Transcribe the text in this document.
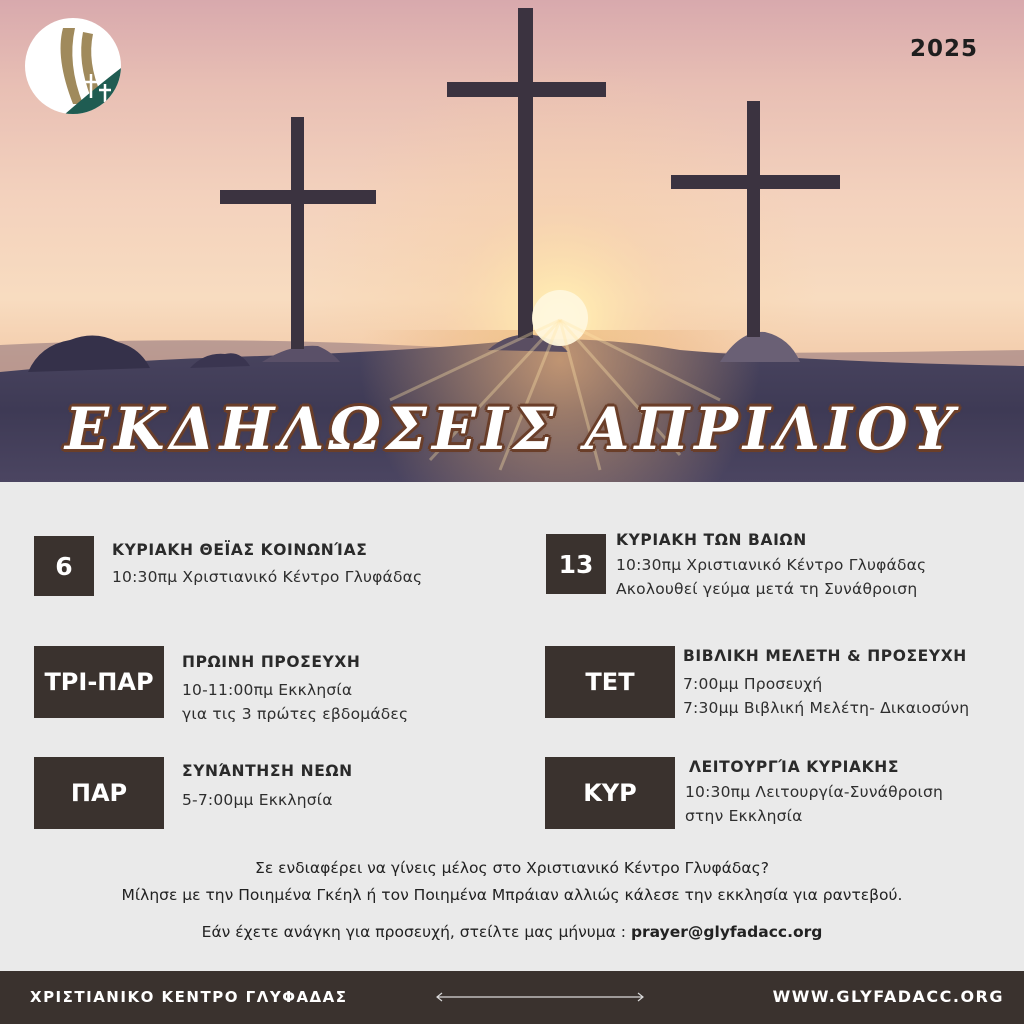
2025
ΕΚΔΗΛΩΣΕΙΣ ΑΠΡΙΛΙΟΥ
6
ΚΥΡΙΑΚΗ ΘΕΪΑΣ ΚΟΙΝΩΝΊΑΣ
10:30πμ Χριστιανικό Κέντρο Γλυφάδας	13
ΚΥΡΙΑΚΗ ΤΩΝ ΒΑΙΩΝ
10:30πμ Χριστιανικό Κέντρο Γλυφάδας
Ακολουθεί γεύμα μετά τη Συνάθροιση
ΤΡΙ-ΠΑΡ
ΠΡΩΙΝΗ ΠΡΟΣΕΥΧΗ
10-11:00πμ Εκκλησία
για τις 3 πρώτες εβδομάδες
ΤΕΤ
ΒΙΒΛΙΚΗ ΜΕΛΕΤΗ & ΠΡΟΣΕΥΧΗ
7:00μμ Προσευχή
7:30μμ Βιβλική Μελέτη- Δικαιοσύνη
ΠΑΡ
ΣΥΝΆΝΤΗΣΗ ΝΕΩΝ
5-7:00μμ Εκκλησία	ΚΥΡ
ΛΕΙΤΟΥΡΓΊΑ ΚΥΡΙΑΚΗΣ
10:30πμ Λειτουργία-Συνάθροιση
στην Εκκλησία
Σε ενδιαφέρει να γίνεις μέλος στο Χριστιανικό Κέντρο Γλυφάδας?
Μίλησε με την Ποιημένα Γκέηλ ή τον Ποιημένα Μπράιαν αλλιώς κάλεσε την εκκλησία για ραντεβού.
Εάν έχετε ανάγκη για προσευχή, στείλτε μας μήνυμα : prayer@glyfadacc.org
ΧΡΙΣΤΙΑΝΙΚΟ ΚΕΝΤΡΟ ΓΛΥΦΑΔΑΣ	WWW.GLYFADACC.ORG
